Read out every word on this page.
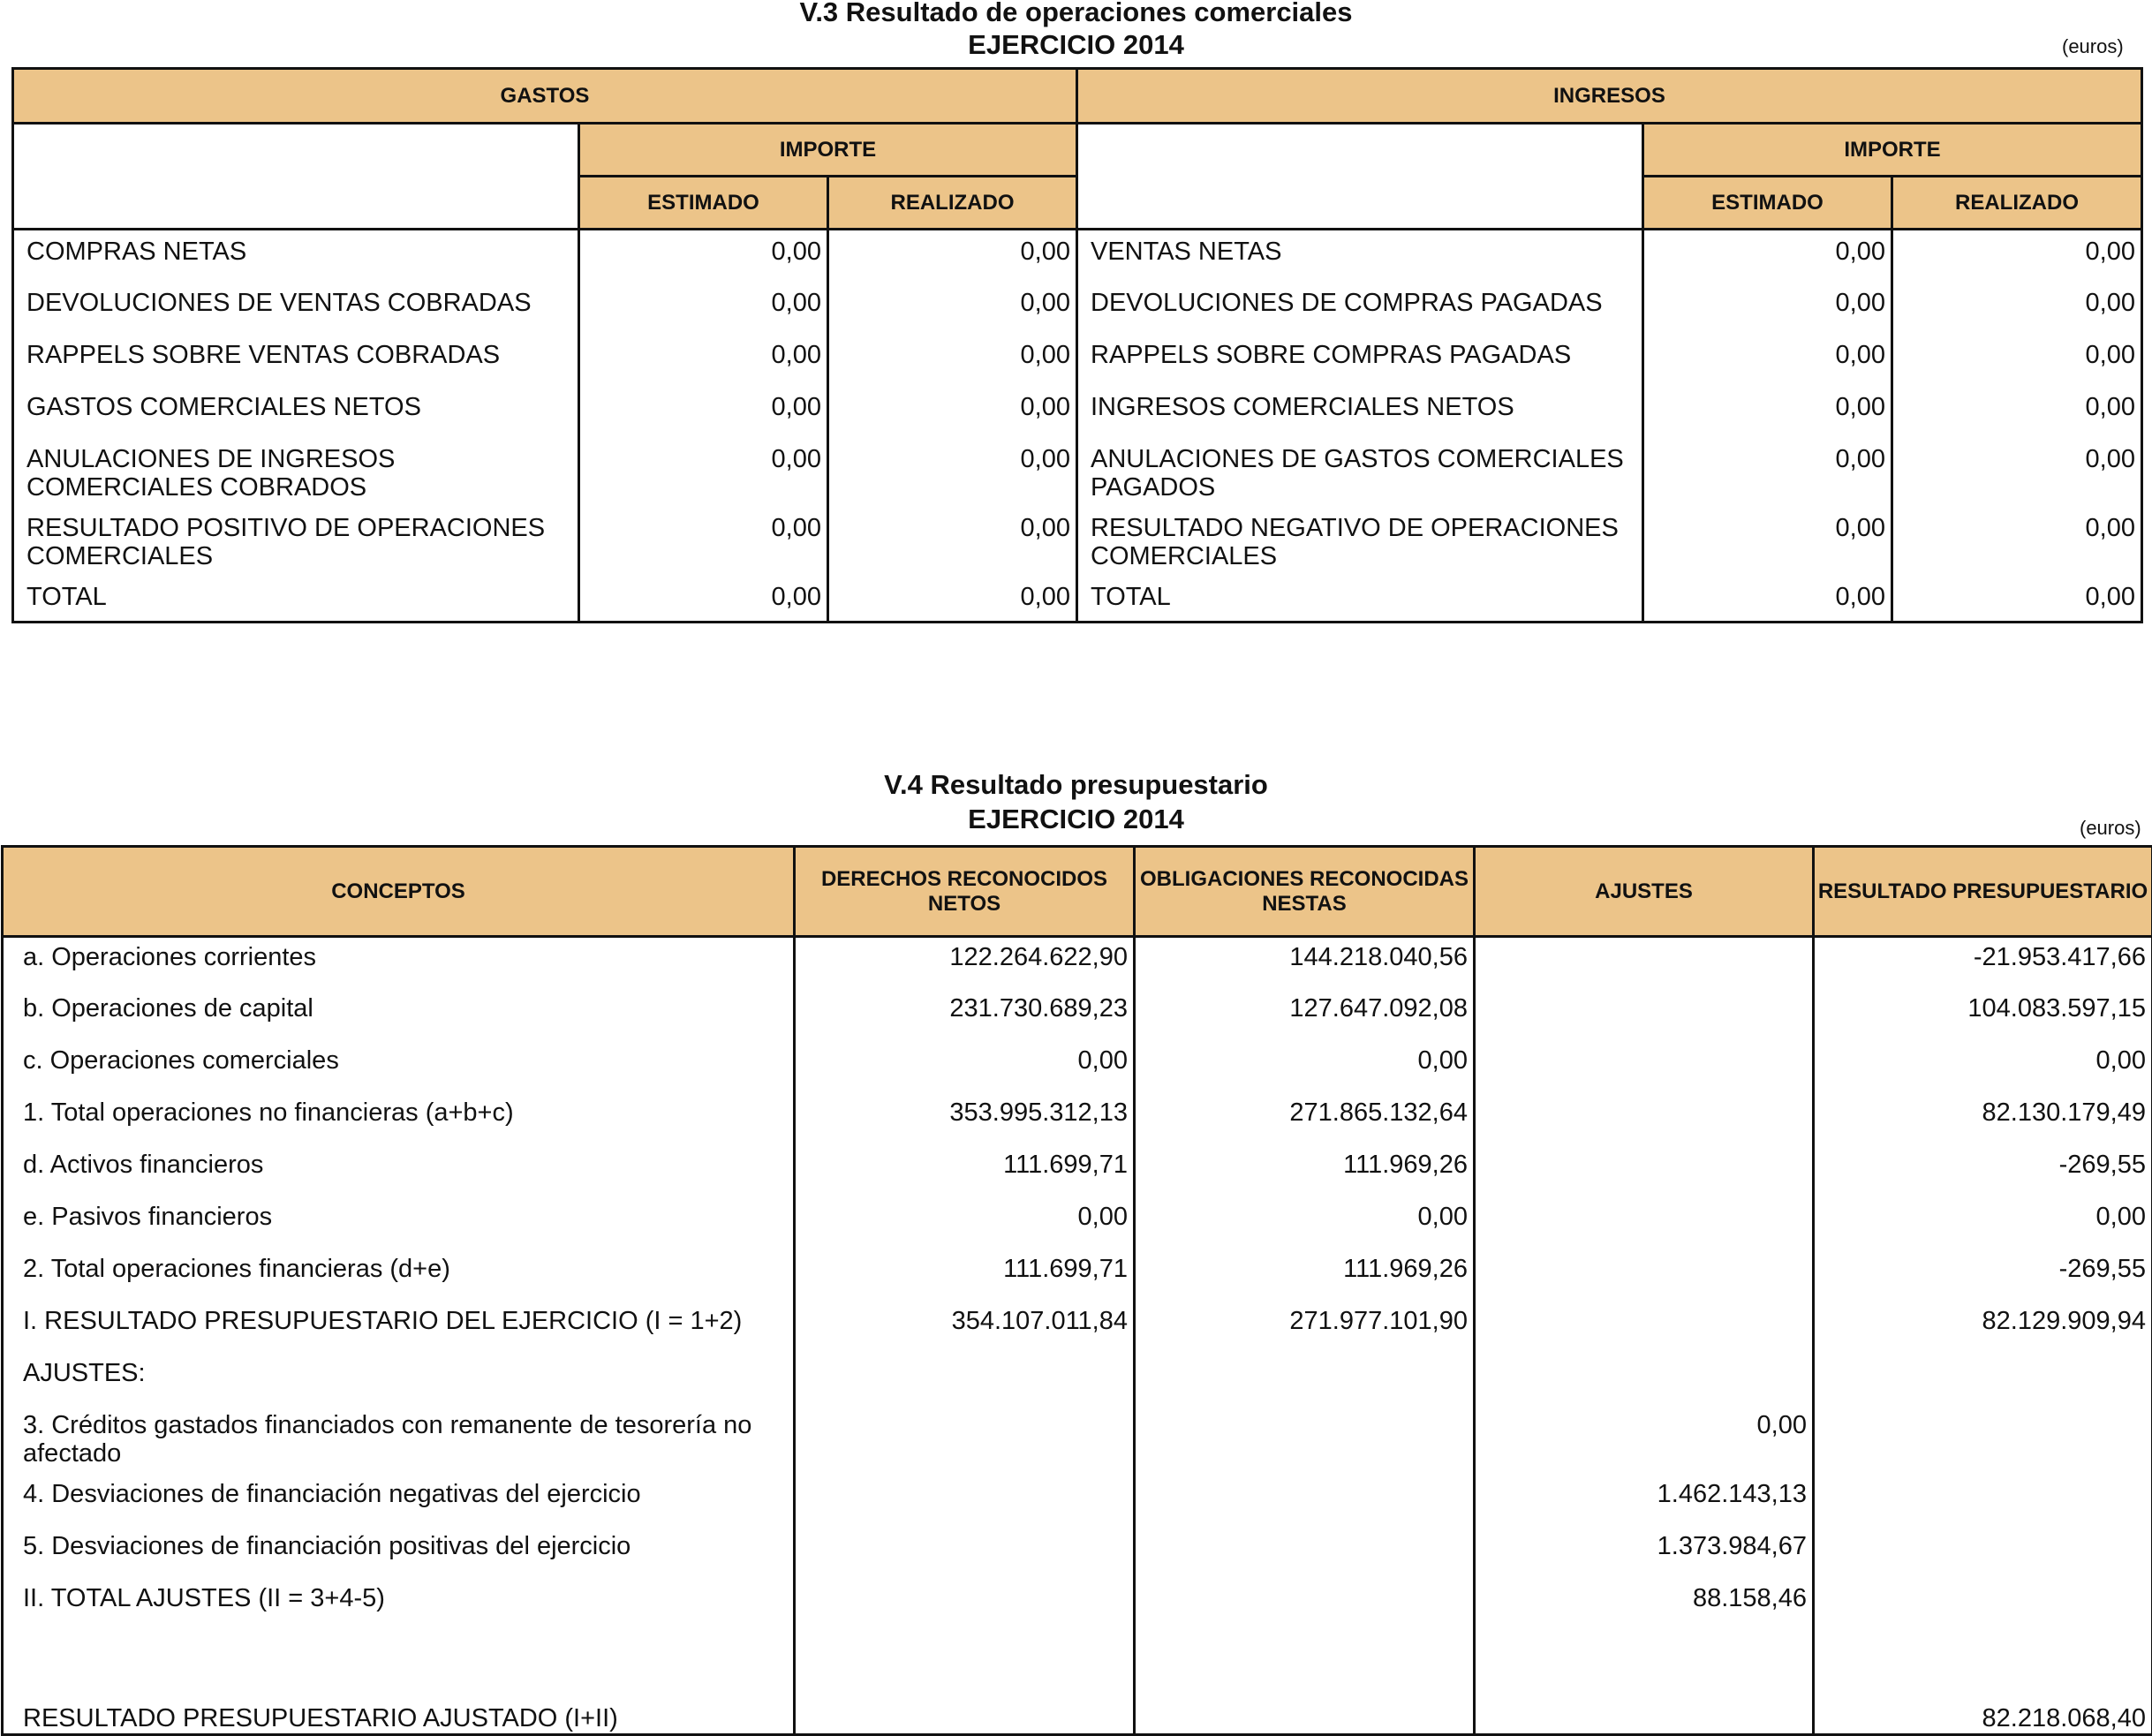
V.3 Resultado de operaciones comerciales
EJERCICIO 2014	(euros)
GASTOS			INGRESOS		
	IMPORTE			IMPORTE	
	ESTIMADO	REALIZADO		ESTIMADO	REALIZADO
COMPRAS NETAS	0,00	0,00	VENTAS NETAS	0,00	0,00
DEVOLUCIONES DE VENTAS COBRADAS	0,00	0,00	DEVOLUCIONES DE COMPRAS PAGADAS	0,00	0,00
RAPPELS SOBRE VENTAS COBRADAS	0,00	0,00	RAPPELS SOBRE COMPRAS PAGADAS	0,00	0,00
GASTOS COMERCIALES NETOS	0,00	0,00	INGRESOS COMERCIALES NETOS	0,00	0,00
ANULACIONES DE INGRESOS COMERCIALES COBRADOS	0,00	0,00	ANULACIONES DE GASTOS COMERCIALES PAGADOS	0,00	0,00
RESULTADO POSITIVO DE OPERACIONES COMERCIALES	0,00	0,00	RESULTADO NEGATIVO DE OPERACIONES COMERCIALES	0,00	0,00
TOTAL	0,00	0,00	TOTAL	0,00	0,00
V.4 Resultado presupuestario
EJERCICIO 2014	(euros)
CONCEPTOS	DERECHOS RECONOCIDOS NETOS	OBLIGACIONES RECONOCIDAS NESTAS	AJUSTES	RESULTADO PRESUPUESTARIO
a. Operaciones corrientes	122.264.622,90	144.218.040,56		-21.953.417,66
b. Operaciones de capital	231.730.689,23	127.647.092,08		104.083.597,15
c. Operaciones comerciales	0,00	0,00		0,00
1. Total operaciones no financieras (a+b+c)	353.995.312,13	271.865.132,64		82.130.179,49
d. Activos financieros	111.699,71	111.969,26		-269,55
e. Pasivos financieros	0,00	0,00		0,00
2. Total operaciones financieras (d+e)	111.699,71	111.969,26		-269,55
I. RESULTADO PRESUPUESTARIO DEL EJERCICIO (I = 1+2)	354.107.011,84	271.977.101,90		82.129.909,94
AJUSTES:				
3. Créditos gastados financiados con remanente de tesorería no afectado			0,00	
4. Desviaciones de financiación negativas del ejercicio			1.462.143,13	
5. Desviaciones de financiación positivas del ejercicio			1.373.984,67	
II. TOTAL AJUSTES (II = 3+4-5)			88.158,46	

RESULTADO PRESUPUESTARIO AJUSTADO (I+II)				82.218.068,40
